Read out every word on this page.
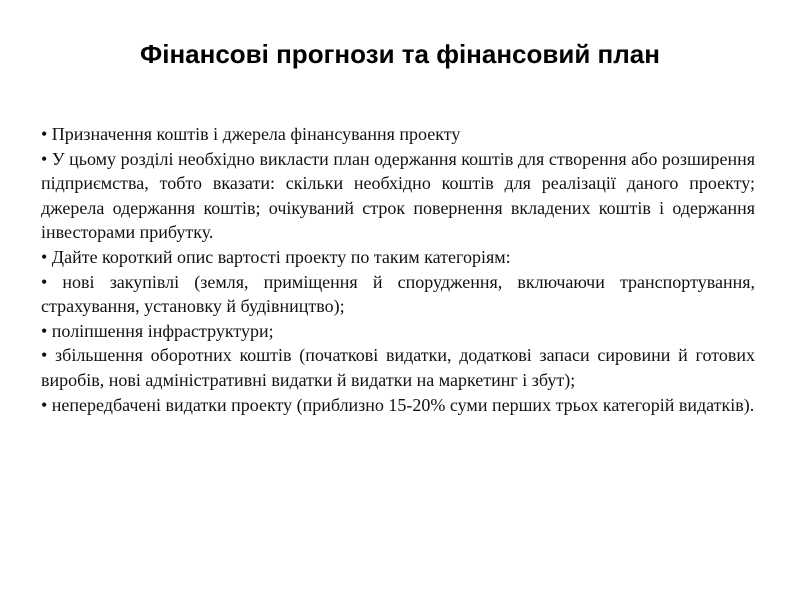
Фінансові прогнози та фінансовий план

• Призначення коштів і джерела фінансування проекту

• У цьому розділі необхідно викласти план одержання коштів для створення або розширення підприємства, тобто вказати: скільки необхідно коштів для реалізації даного проекту; джерела одержання коштів; очікуваний строк повернення вкладених коштів і одержання інвесторами прибутку.

• Дайте короткий опис вартості проекту по таким категоріям:

• нові закупівлі (земля, приміщення й спорудження, включаючи транспортування, страхування, установку й будівництво);

• поліпшення інфраструктури;

• збільшення оборотних коштів (початкові видатки, додаткові запаси сировини й готових виробів, нові адміністративні видатки й видатки на маркетинг і збут);

• непередбачені видатки проекту (приблизно 15-20% суми перших трьох категорій видатків).
